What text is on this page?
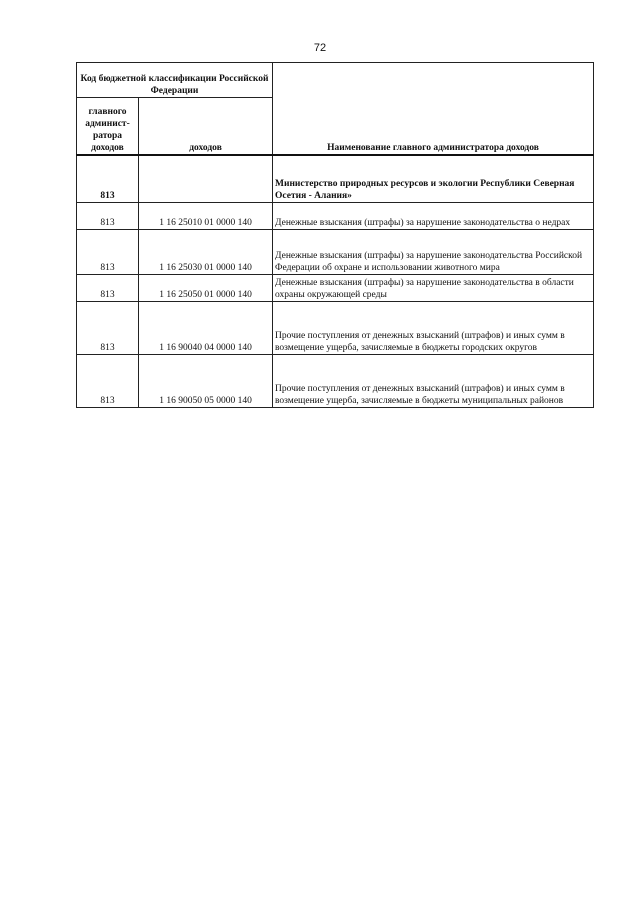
72
Код бюджетной классификации Российской Федерации		Наименование главного администратора доходов
главного админист-ратора доходов	доходов	
813		Министерство природных ресурсов и экологии Республики Северная Осетия - Алания»
813	1 16 25010 01 0000 140	Денежные взыскания (штрафы) за нарушение законодательства о недрах
813	1 16 25030 01 0000 140	Денежные взыскания (штрафы) за нарушение законодательства Российской Федерации об охране и использовании животного мира
813	1 16 25050 01 0000 140	Денежные взыскания (штрафы) за нарушение законодательства в области охраны окружающей среды
813	1 16 90040 04 0000 140	Прочие поступления от денежных взысканий (штрафов) и иных сумм в возмещение ущерба, зачисляемые в бюджеты городских округов
813	1 16 90050 05 0000 140	Прочие поступления от денежных взысканий (штрафов) и иных сумм в возмещение ущерба, зачисляемые в бюджеты муниципальных районов
